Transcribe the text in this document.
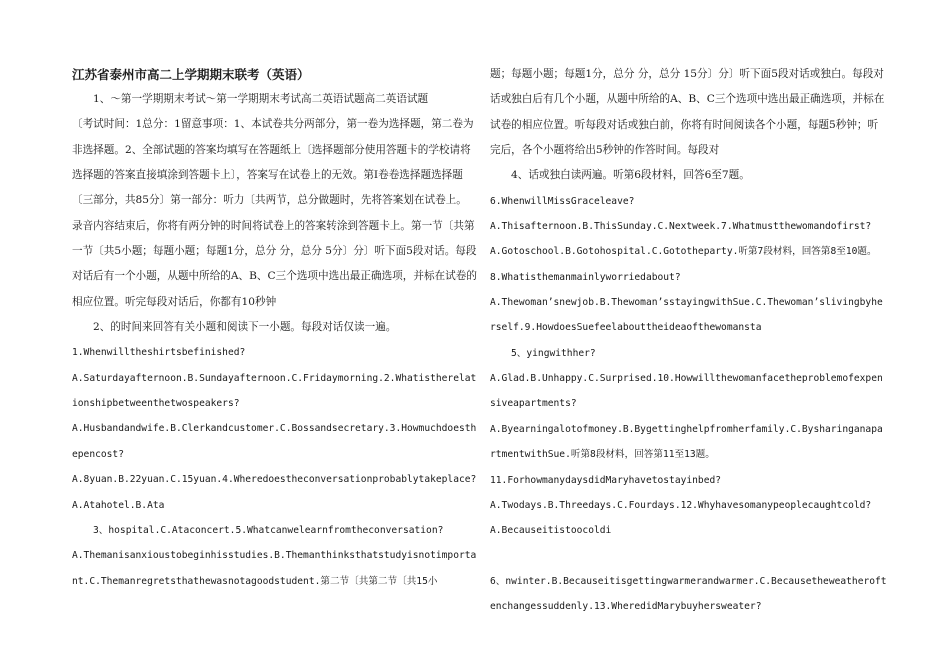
江苏省泰州市高二上学期期末联考（英语）

1、～第一学期期末考试～第一学期期末考试高二英语试题高二英语试题

〔考试时间：1总分：1留意事项：1、本试卷共分两部分，第一卷为选择题，第二卷为非选择题。2、全部试题的答案均填写在答题纸上〔选择题部分使用答题卡的学校请将选择题的答案直接填涂到答题卡上〕，答案写在试卷上的无效。第Ⅰ卷卷选择题选择题〔三部分，共85分〕第一部分：听力〔共两节，总分做题时，先将答案划在试卷上。录音内容结束后，你将有两分钟的时间将试卷上的答案转涂到答题卡上。第一节〔共第一节〔共5小题；每题小题；每题1分，总分 分，总分 5分〕分〕听下面5段对话。每段对话后有一个小题，从题中所给的A、B、C三个选项中选出最正确选项，并标在试卷的相应位置。听完每段对话后，你都有10秒钟

2、的时间来回答有关小题和阅读下一小题。每段对话仅读一遍。

1.Whenwilltheshirtsbefinished?

A.Saturdayafternoon.B.Sundayafternoon.C.Fridaymorning.2.Whatistherelationshipbetweenthetwospeakers?

A.Husbandandwife.B.Clerkandcustomer.C.Bossandsecretary.3.Howmuchdoesthepencost?

A.8yuan.B.22yuan.C.15yuan.4.Wheredoestheconversationprobablytakeplace?A.Atahotel.B.Ata

3、hospital.C.Ataconcert.5.Whatcanwelearnfromtheconversation?

A.Themanisanxioustobeginhisstudies.B.Themanthinksthatstudyisnotimportant.C.Themanregretsthathewasnotagoodstudent.第二节〔共第二节〔共15小

题；每题小题；每题1分，总分 分，总分 15分〕分〕听下面5段对话或独白。每段对话或独白后有几个小题，从题中所给的A、B、C三个选项中选出最正确选项，并标在试卷的相应位置。听每段对话或独白前，你将有时间阅读各个小题，每题5秒钟；听完后，各个小题将给出5秒钟的作答时间。每段对

4、话或独白读两遍。听第6段材料，回答6至7题。

6.WhenwillMissGraceleave?

A.Thisafternoon.B.ThisSunday.C.Nextweek.7.Whatmustthewomandofirst?

A.Gotoschool.B.Gotohospital.C.Gototheparty.听第7段材料，回答第8至10题。8.Whatisthemanmainlyworriedabout?

A.Thewoman’snewjob.B.Thewoman’sstayingwithSue.C.Thewoman’slivingbyherself.9.HowdoesSuefeelabouttheideaofthewomansta

5、yingwithher?

A.Glad.B.Unhappy.C.Surprised.10.Howwillthewomanfacetheproblemofexpensiveapartments?

A.Byearningalotofmoney.B.Bygettinghelpfromherfamily.C.BysharinganapartmentwithSue.听第8段材料，回答第11至13题。

11.ForhowmanydaysdidMaryhavetostayinbed?

A.Twodays.B.Threedays.C.Fourdays.12.Whyhavesomanypeoplecaughtcold?

A.Becauseitistoocoldi

6、nwinter.B.Becauseitisgettingwarmerandwarmer.C.Becausetheweatheroftenchangessuddenly.13.WheredidMarybuyhersweater?
